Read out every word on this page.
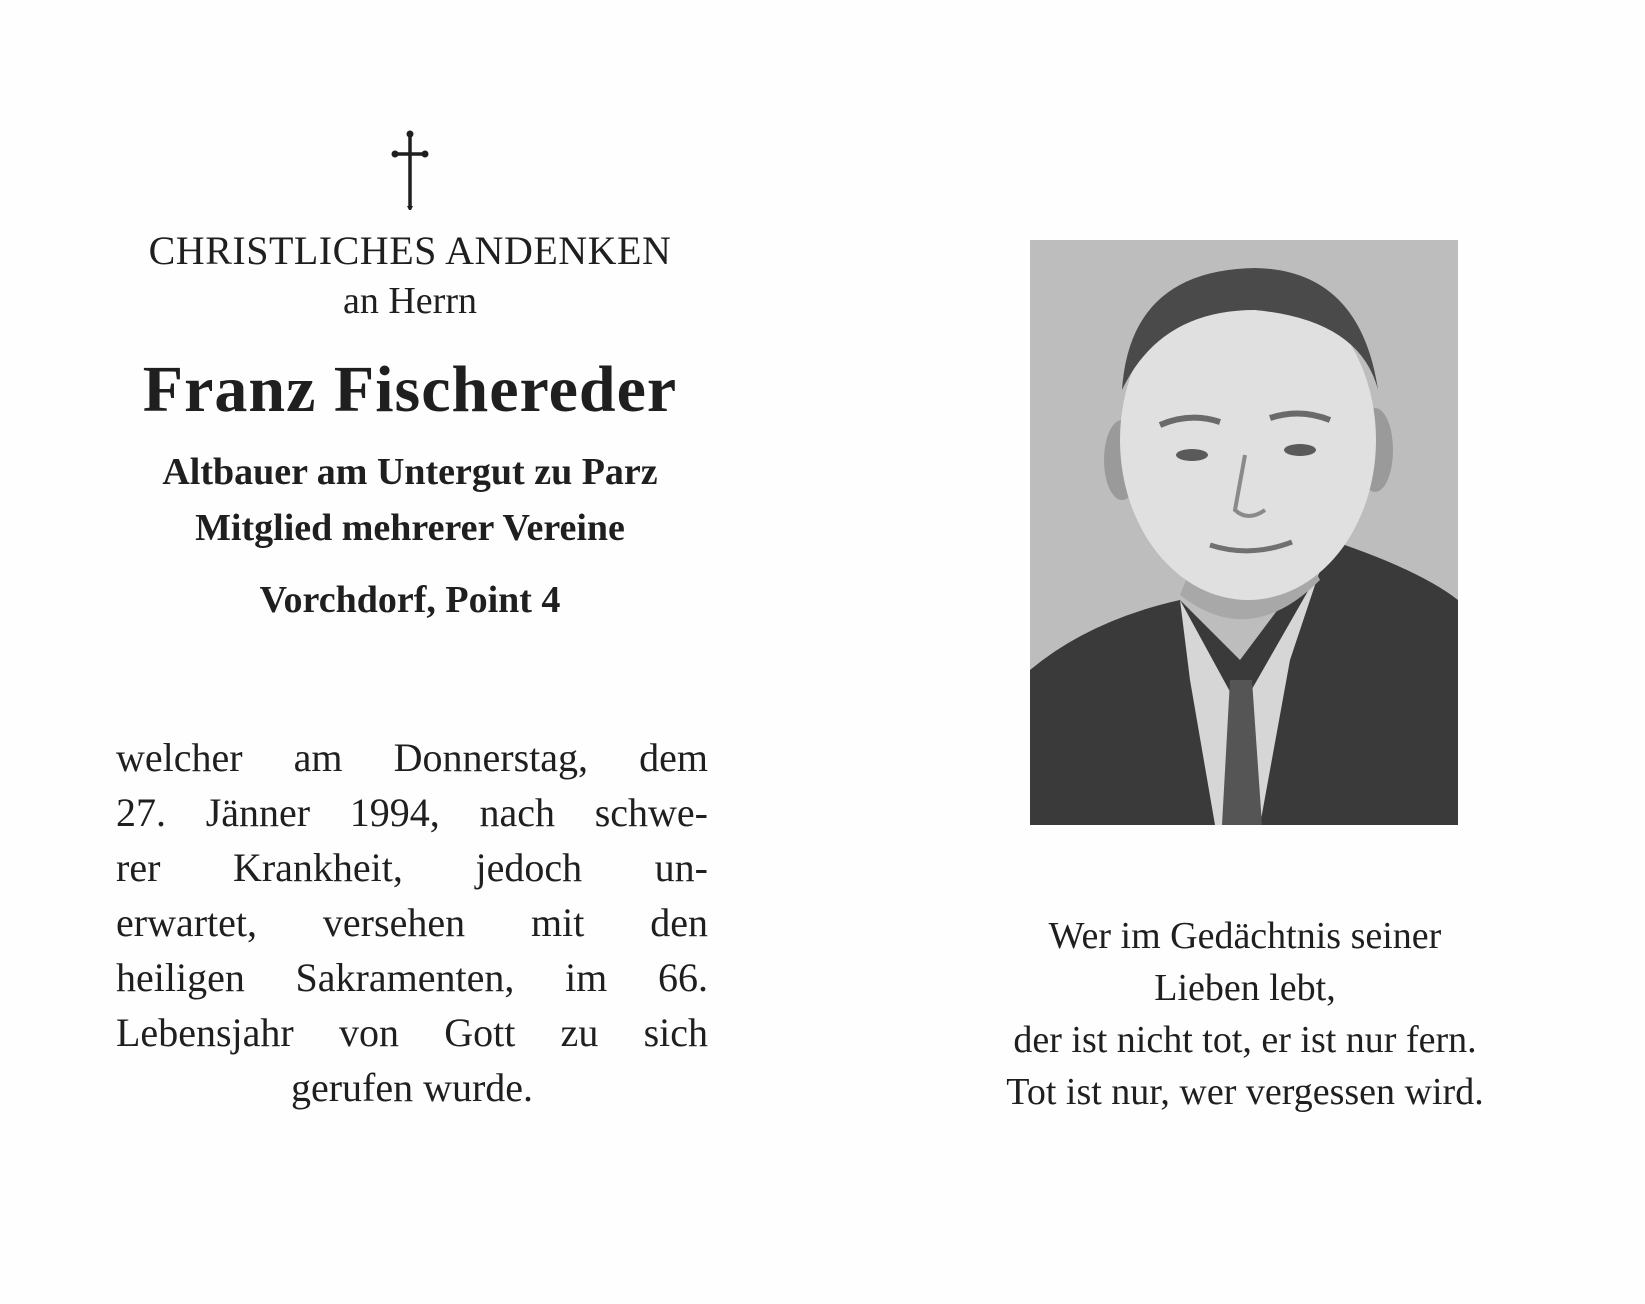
CHRISTLICHES ANDENKEN
an Herrn
Franz Fischereder
Altbauer am Untergut zu Parz
Mitglied mehrerer Vereine
Vorchdorf, Point 4
welcher am Donnerstag, dem
27. Jänner 1994, nach schwe-
rer Krankheit, jedoch un-
erwartet, versehen mit den
heiligen Sakramenten, im 66.
Lebensjahr von Gott zu sich
gerufen wurde.
Wer im Gedächtnis seiner
Lieben lebt,
der ist nicht tot, er ist nur fern.
Tot ist nur, wer vergessen wird.
